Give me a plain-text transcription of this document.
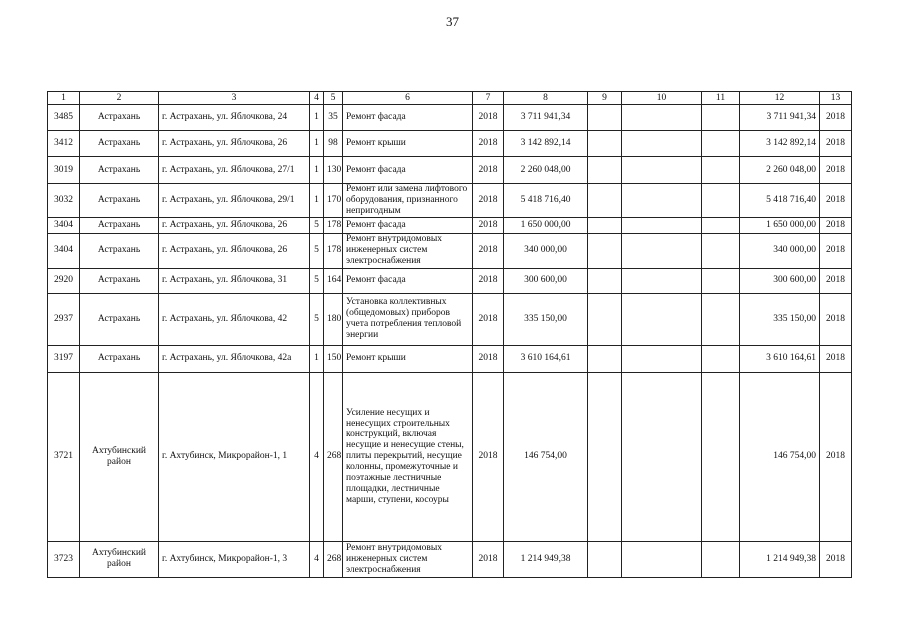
37
1	2	3	4	5	6	7	8	9	10	11	12	13
3485	Астрахань	г. Астрахань, ул. Яблочкова, 24	1	35	Ремонт фасада	2018	3 711 941,34				3 711 941,34	2018
3412	Астрахань	г. Астрахань, ул. Яблочкова, 26	1	98	Ремонт крыши	2018	3 142 892,14				3 142 892,14	2018
3019	Астрахань	г. Астрахань, ул. Яблочкова, 27/1	1	130	Ремонт фасада	2018	2 260 048,00				2 260 048,00	2018
3032	Астрахань	г. Астрахань, ул. Яблочкова, 29/1	1	170	Ремонт или замена лифтового оборудования, признанного непригодным	2018	5 418 716,40				5 418 716,40	2018
3404	Астрахань	г. Астрахань, ул. Яблочкова, 26	5	178	Ремонт фасада	2018	1 650 000,00				1 650 000,00	2018
3404	Астрахань	г. Астрахань, ул. Яблочкова, 26	5	178	Ремонт внутридомовых инженерных систем электроснабжения	2018	340 000,00				340 000,00	2018
2920	Астрахань	г. Астрахань, ул. Яблочкова, 31	5	164	Ремонт фасада	2018	300 600,00				300 600,00	2018
2937	Астрахань	г. Астрахань, ул. Яблочкова, 42	5	180	Установка коллективных (общедомовых) приборов учета потребления тепловой энергии	2018	335 150,00				335 150,00	2018
3197	Астрахань	г. Астрахань, ул. Яблочкова, 42а	1	150	Ремонт крыши	2018	3 610 164,61				3 610 164,61	2018
3721	Ахтубинский район	г. Ахтубинск, Микрорайон-1, 1	4	268	Усиление несущих и ненесущих строительных конструкций, включая несущие и ненесущие стены, плиты перекрытий, несущие колонны, промежуточные и поэтажные лестничные площадки, лестничные марши, ступени, косоуры	2018	146 754,00				146 754,00	2018
3723	Ахтубинский район	г. Ахтубинск, Микрорайон-1, 3	4	268	Ремонт внутридомовых инженерных систем электроснабжения	2018	1 214 949,38				1 214 949,38	2018
